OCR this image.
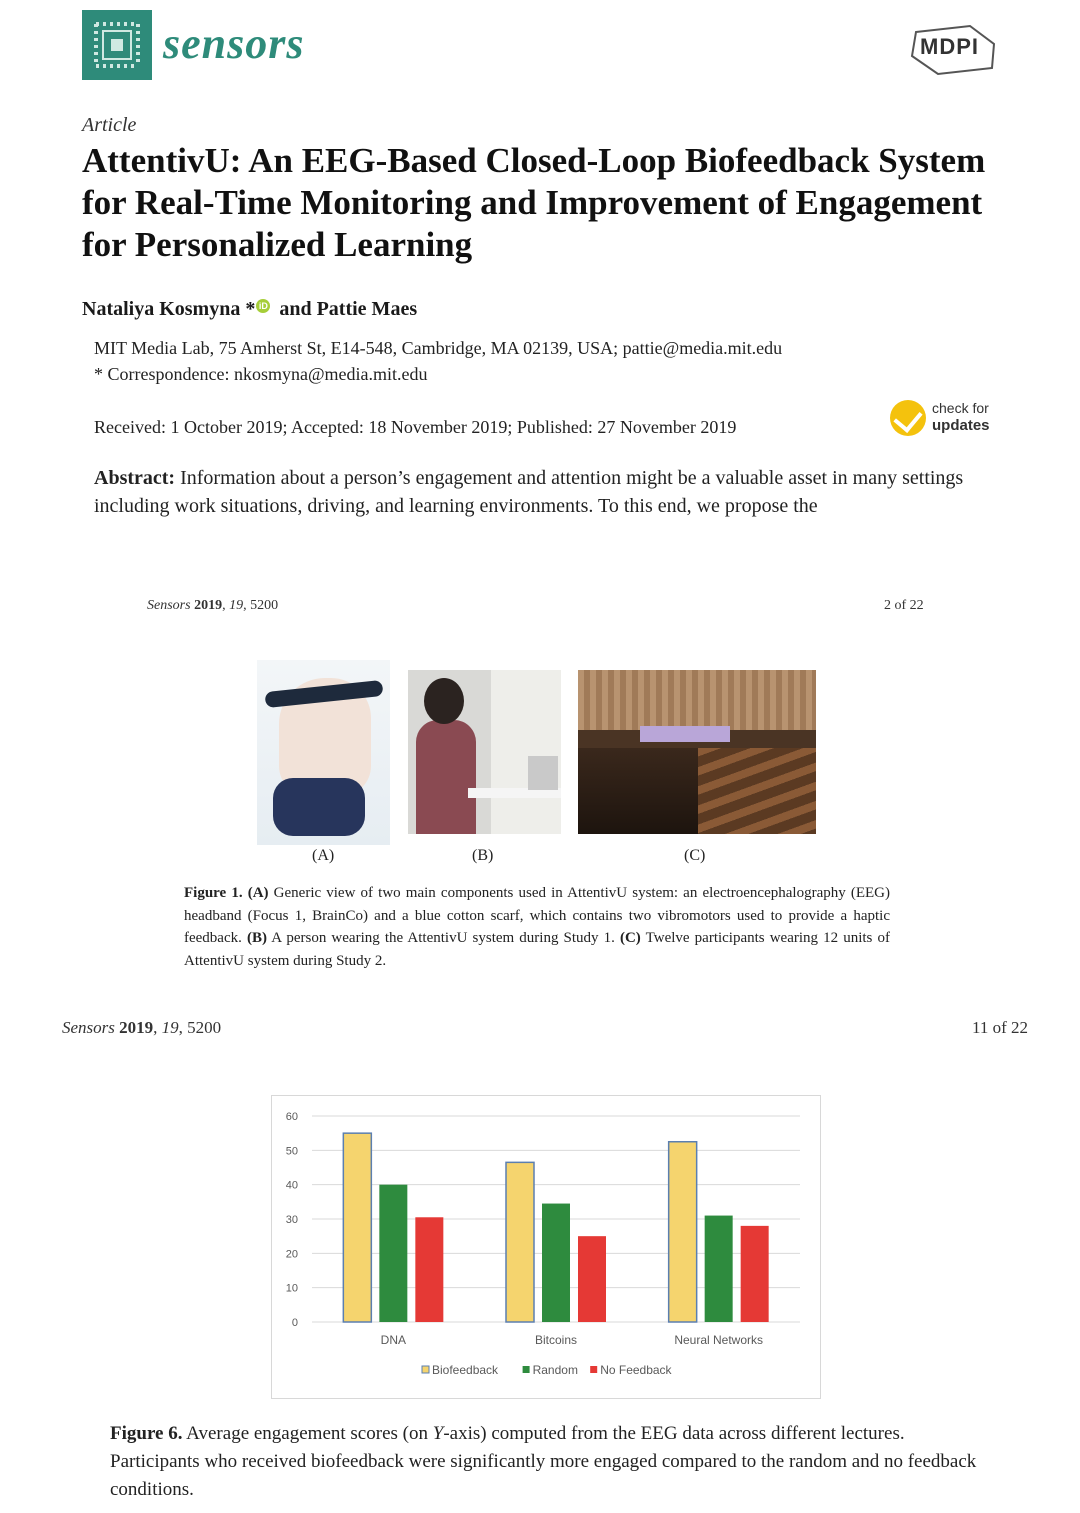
sensors	MDPI
Article
AttentivU: An EEG-Based Closed-Loop Biofeedback System for Real-Time Monitoring and Improvement of Engagement for Personalized Learning
Nataliya Kosmyna * iD and Pattie Maes
MIT Media Lab, 75 Amherst St, E14-548, Cambridge, MA 02139, USA; pattie@media.mit.edu
* Correspondence: nkosmyna@media.mit.edu
Received: 1 October 2019; Accepted: 18 November 2019; Published: 27 November 2019
check for
updates
Abstract: Information about a person’s engagement and attention might be a valuable asset in many settings including work situations, driving, and learning environments. To this end, we propose the
Sensors 2019, 19, 5200	2 of 22
(A)	(B)	(C)
Figure 1. (A) Generic view of two main components used in AttentivU system: an electroencephalography (EEG) headband (Focus 1, BrainCo) and a blue cotton scarf, which contains two vibromotors used to provide a haptic feedback. (B) A person wearing the AttentivU system during Study 1. (C) Twelve participants wearing 12 units of AttentivU system during Study 2.
Sensors 2019, 19, 5200	11 of 22
0
10
20
30
40
50
60
DNA	Bitcoins	Neural Networks
Biofeedback	Random No Feedback
Figure 6. Average engagement scores (on Y-axis) computed from the EEG data across different lectures. Participants who received biofeedback were significantly more engaged compared to the random and no feedback conditions.
